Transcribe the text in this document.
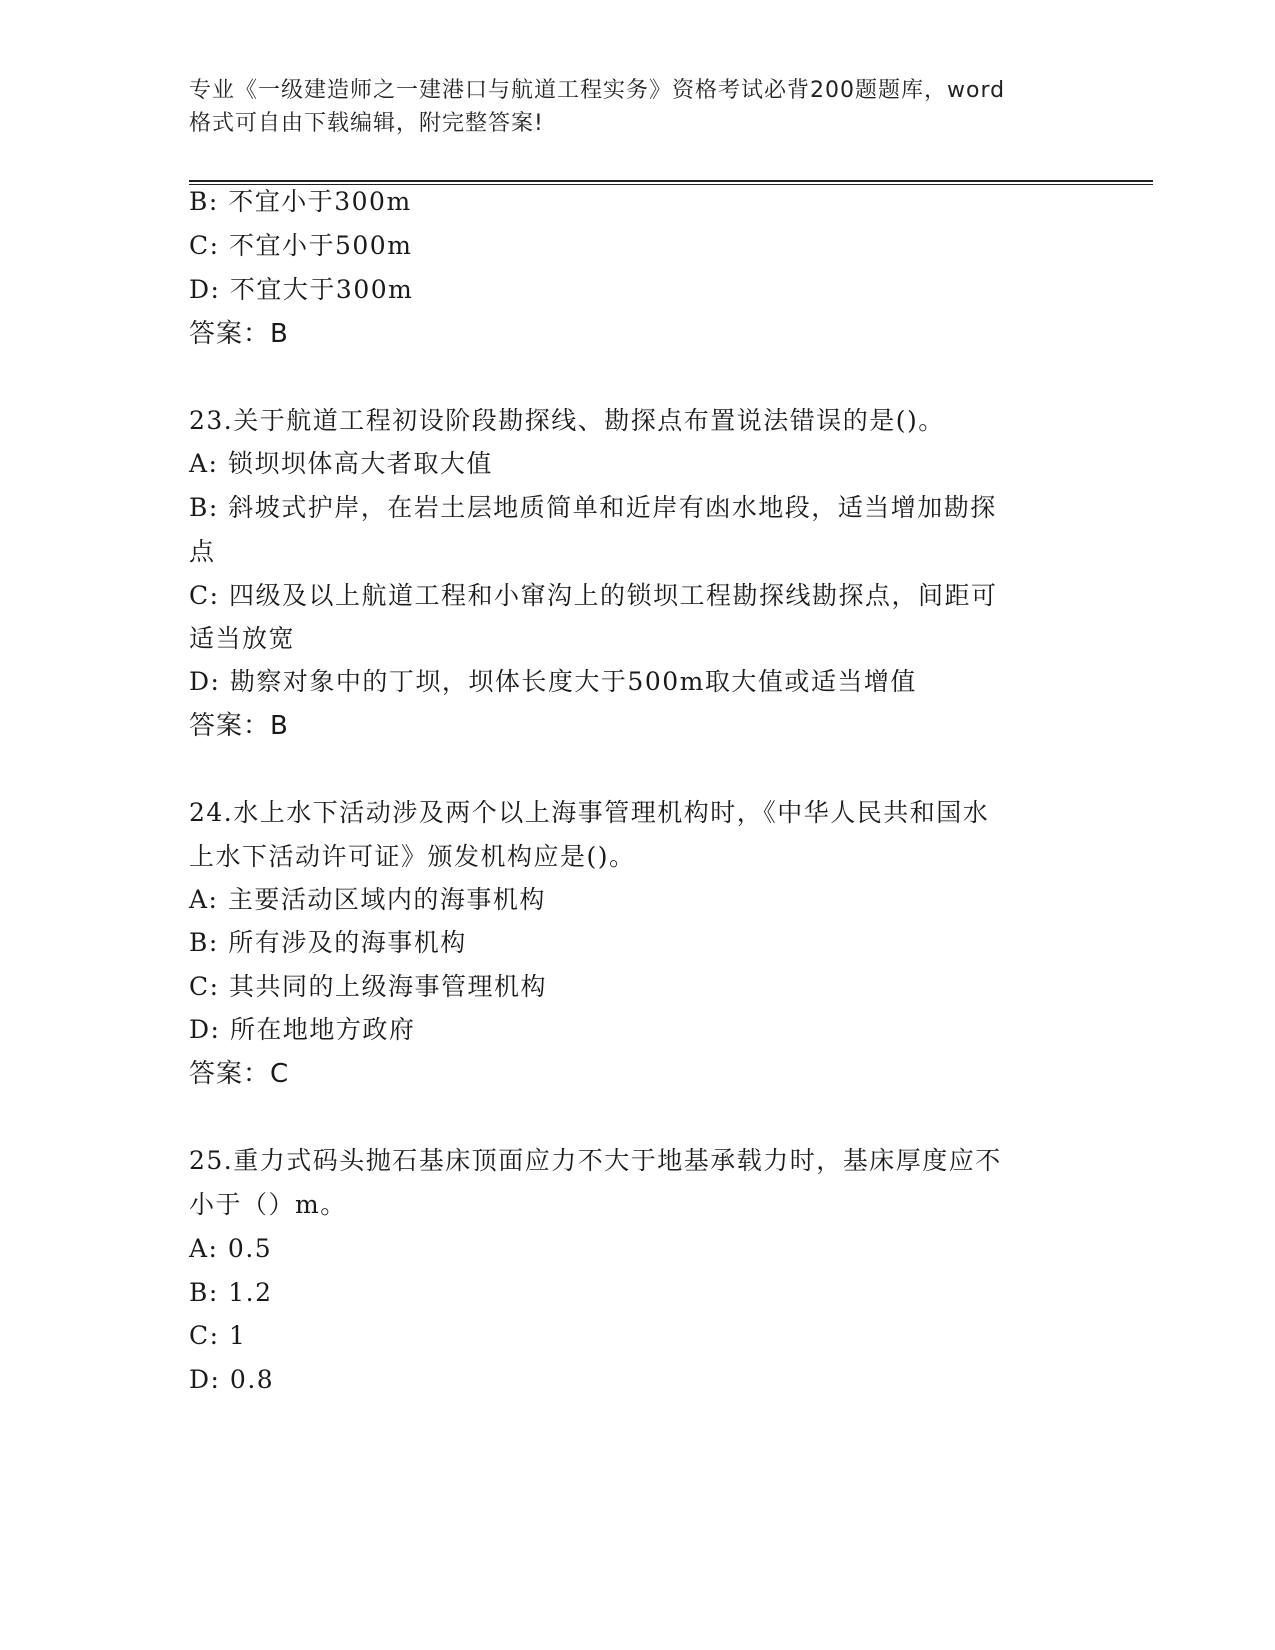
专业《一级建造师之一建港口与航道工程实务》资格考试必背200题题库，word
格式可自由下载编辑，附完整答案!
B: 不宜小于300m
C: 不宜小于500m
D: 不宜大于300m
答案：B
23.关于航道工程初设阶段勘探线、勘探点布置说法错误的是()。
A: 锁坝坝体高大者取大值
B: 斜坡式护岸，在岩土层地质简单和近岸有凼水地段，适当增加勘探
点
C: 四级及以上航道工程和小窜沟上的锁坝工程勘探线勘探点，间距可
适当放宽
D: 勘察对象中的丁坝，坝体长度大于500m取大值或适当增值
答案：B
24.水上水下活动涉及两个以上海事管理机构时，《中华人民共和国水
上水下活动许可证》颁发机构应是()。
A: 主要活动区域内的海事机构
B: 所有涉及的海事机构
C: 其共同的上级海事管理机构
D: 所在地地方政府
答案：C
25.重力式码头抛石基床顶面应力不大于地基承载力时，基床厚度应不
小于（）m。
A: 0.5
B: 1.2
C: 1
D: 0.8
